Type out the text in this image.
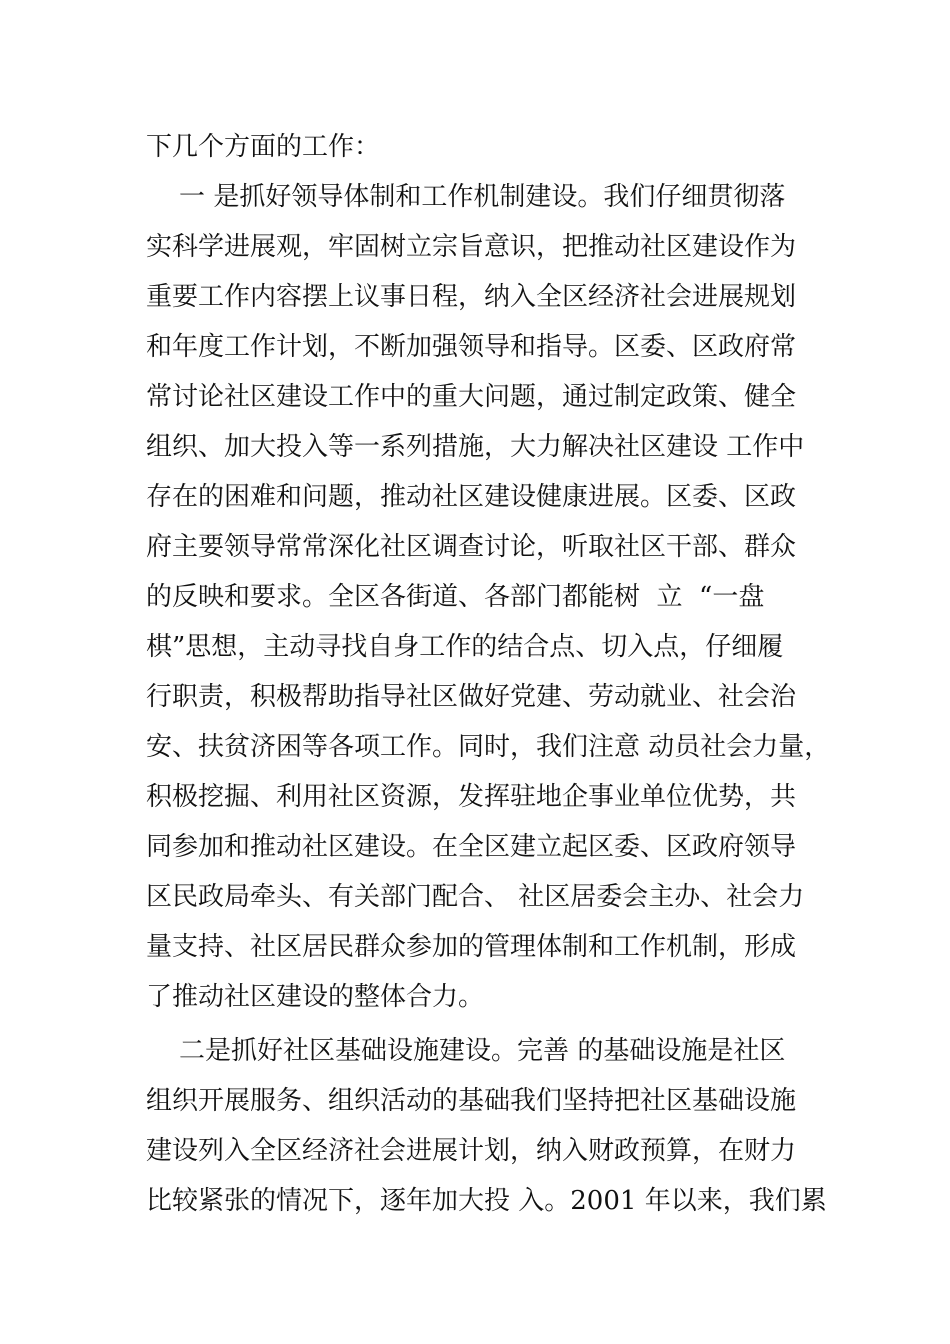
下几个方面的工作：
一 是抓好领导体制和工作机制建设。我们仔细贯彻落
实科学进展观，牢固树立宗旨意识，把推动社区建设作为
重要工作内容摆上议事日程，纳入全区经济社会进展规划
和年度工作计划，不断加强领导和指导。区委、区政府常
常讨论社区建设工作中的重大问题，通过制定政策、健全
组织、加大投入等一系列措施，大力解决社区建设 工作中
存在的困难和问题，推动社区建设健康进展。区委、区政
府主要领导常常深化社区调查讨论，听取社区干部、群众
的反映和要求。全区各街道、各部门都能树  立  “一盘
棋”思想，主动寻找自身工作的结合点、切入点，仔细履
行职责，积极帮助指导社区做好党建、劳动就业、社会治
安、扶贫济困等各项工作。同时，我们注意 动员社会力量，
积极挖掘、利用社区资源，发挥驻地企事业单位优势，共
同参加和推动社区建设。在全区建立起区委、区政府领导
区民政局牵头、有关部门配合、 社区居委会主办、社会力
量支持、社区居民群众参加的管理体制和工作机制，形成
了推动社区建设的整体合力。
二是抓好社区基础设施建设。完善 的基础设施是社区
组织开展服务、组织活动的基础我们坚持把社区基础设施
建设列入全区经济社会进展计划，纳入财政预算，在财力
比较紧张的情况下，逐年加大投 入。2001 年以来，我们累
